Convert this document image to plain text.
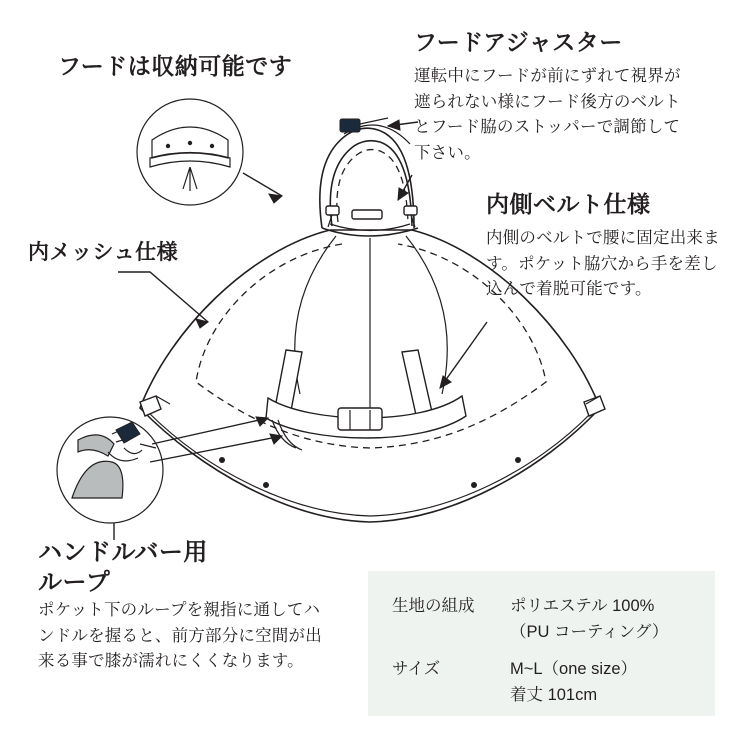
フードは収納可能です
フードアジャスター
運転中にフードが前にずれて視界が遮られない様にフード後方のベルトとフード脇のストッパーで調節して下さい。
内メッシュ仕様
内側ベルト仕様
内側のベルトで腰に固定出来ます。ポケット脇穴から手を差し込んで着脱可能です。
ハンドルバー用
ループ
ポケット下のループを親指に通してハンドルを握ると、前方部分に空間が出来る事で膝が濡れにくくなります。
生地の組成	ポリエステル 100%
（PU コーティング）
サイズ	M~L（one size）
着丈 101cm
